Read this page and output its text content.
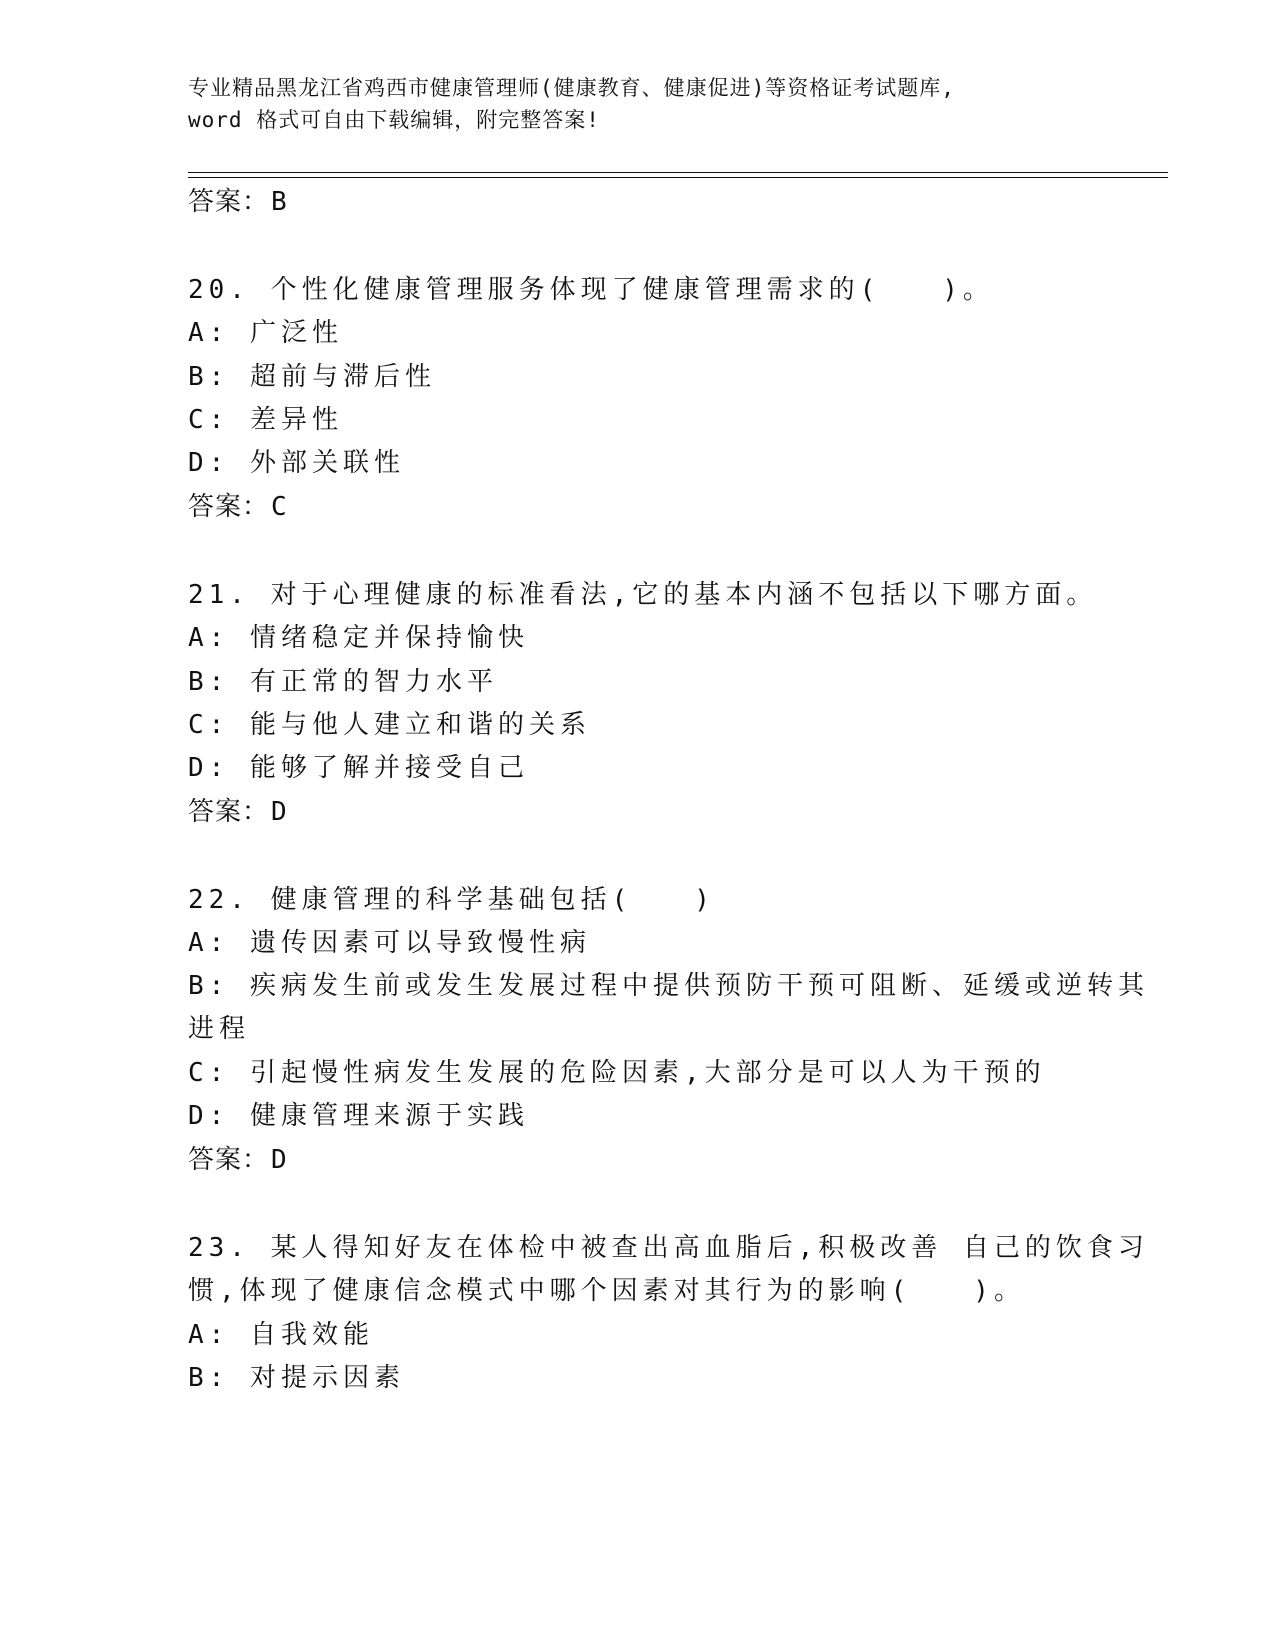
专业精品黑龙江省鸡西市健康管理师(健康教育、健康促进)等资格证考试题库,
word 格式可自由下载编辑，附完整答案!
答案：B
20. 个性化健康管理服务体现了健康管理需求的(　　)。
A: 广泛性
B: 超前与滞后性
C: 差异性
D: 外部关联性
答案：C
21. 对于心理健康的标准看法,它的基本内涵不包括以下哪方面。
A: 情绪稳定并保持愉快
B: 有正常的智力水平
C: 能与他人建立和谐的关系
D: 能够了解并接受自己
答案：D
22. 健康管理的科学基础包括(　　)
A: 遗传因素可以导致慢性病
B: 疾病发生前或发生发展过程中提供预防干预可阻断、延缓或逆转其
进程
C: 引起慢性病发生发展的危险因素,大部分是可以人为干预的
D: 健康管理来源于实践
答案：D
23. 某人得知好友在体检中被查出高血脂后,积极改善 自己的饮食习
惯,体现了健康信念模式中哪个因素对其行为的影响(　　)。
A: 自我效能
B: 对提示因素
